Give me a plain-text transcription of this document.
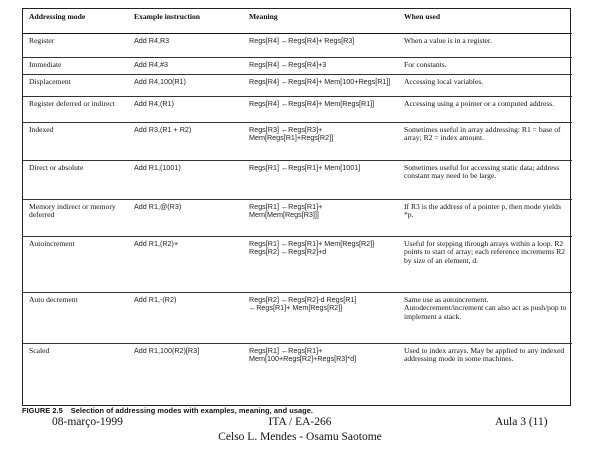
Addressing mode	Example instruction	Meaning	When used
Register	Add R4,R3	Regs[R4] ←Regs[R4]+ Regs[R3]	When a value is in a register.
Immediate	Add R4,#3	Regs[R4] ←Regs[R4]+3	For constants.
Displacement	Add R4,100(R1)	Regs[R4] ←Regs[R4]+ Mem[100+Regs[R1]]	Accessing local variables.
Register deferred or indirect	Add R4,(R1)	Regs[R4] ←Regs[R4]+ Mem[Regs[R1]]	Accessing using a pointer or a computed address.
Indexed	Add R3,(R1 + R2)	Regs[R3] ←Regs[R3]+ Mem[Regs[R1]+Regs[R2]]	Sometimes useful in array addressing: R1 = base of array; R2 = index amount.
Direct or absolute	Add R1,(1001)	Regs[R1] ←Regs[R1]+ Mem[1001]	Sometimes useful for accessing static data; address constant may need to be large.
Memory indirect or memory deferred	Add R1,@(R3)	Regs[R1] ←Regs[R1]+ Mem[Mem[Regs[R3]]]	If R3 is the address of a pointer p, then mode yields *p.
Autoincrement	Add R1,(R2)+	Regs[R1] ←Regs[R1]+ Mem[Regs[R2]] Regs[R2] ←Regs[R2]+d	Useful for stepping through arrays within a loop. R2 points to start of array; each reference increments R2 by size of an element, d.
Auto decrement	Add R1,-(R2)	Regs[R2] ←Regs[R2]-d Regs[R1] ←Regs[R1]+ Mem[Regs[R2]]	Same use as autoincrement. Autodecrement/increment can also act as push/pop to implement a stack.
Scaled	Add R1,100(R2)[R3]	Regs[R1] ←Regs[R1]+ Mem[100+Regs[R2]+Regs[R3]*d]	Used to index arrays. May be applied to any indexed addressing mode in some machines.
FIGURE 2.5 Selection of addressing modes with examples, meaning, and usage.
08-março-1999	ITA / EA-266	Aula 3 (11)
Celso L. Mendes - Osamu Saotome
